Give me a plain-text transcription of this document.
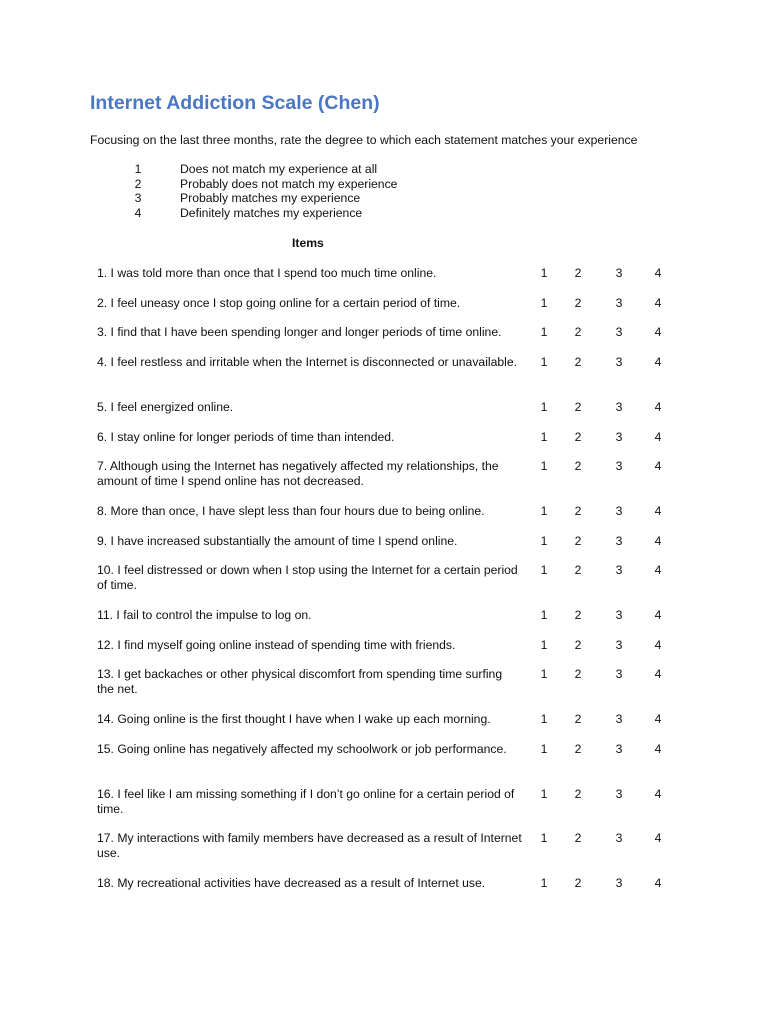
Internet Addiction Scale (Chen)
Focusing on the last three months, rate the degree to which each statement matches your experience
1	Does not match my experience at all
2	Probably does not match my experience
3	Probably matches my experience
4	Definitely matches my experience
Items
1. I was told more than once that I spend too much time online.	1 2	3	4
2. I feel uneasy once I stop going online for a certain period of time.	1 2	3	4
3. I find that I have been spending longer and longer periods of time online.	1 2	3	4
4. I feel restless and irritable when the Internet is disconnected or unavailable.	1 2	3	4
5. I feel energized online.	1 2	3	4
6. I stay online for longer periods of time than intended.	1 2	3	4
7. Although using the Internet has negatively affected my relationships, the amount of time I spend online has not decreased.
1 2	3	4
8. More than once, I have slept less than four hours due to being online.	1 2	3	4
9. I have increased substantially the amount of time I spend online.	1 2	3	4
10. I feel distressed or down when I stop using the Internet for a certain period of time.
1 2	3	4
11. I fail to control the impulse to log on.	1 2	3	4
12. I find myself going online instead of spending time with friends.	1 2	3	4
13. I get backaches or other physical discomfort from spending time surfing the net.
1 2	3	4
14. Going online is the first thought I have when I wake up each morning.	1 2	3	4
15. Going online has negatively affected my schoolwork or job performance.	1 2	3	4
16. I feel like I am missing something if I don’t go online for a certain period of time.
1 2	3	4
17. My interactions with family members have decreased as a result of Internet use.
1 2	3	4
18. My recreational activities have decreased as a result of Internet use.	1 2	3	4
